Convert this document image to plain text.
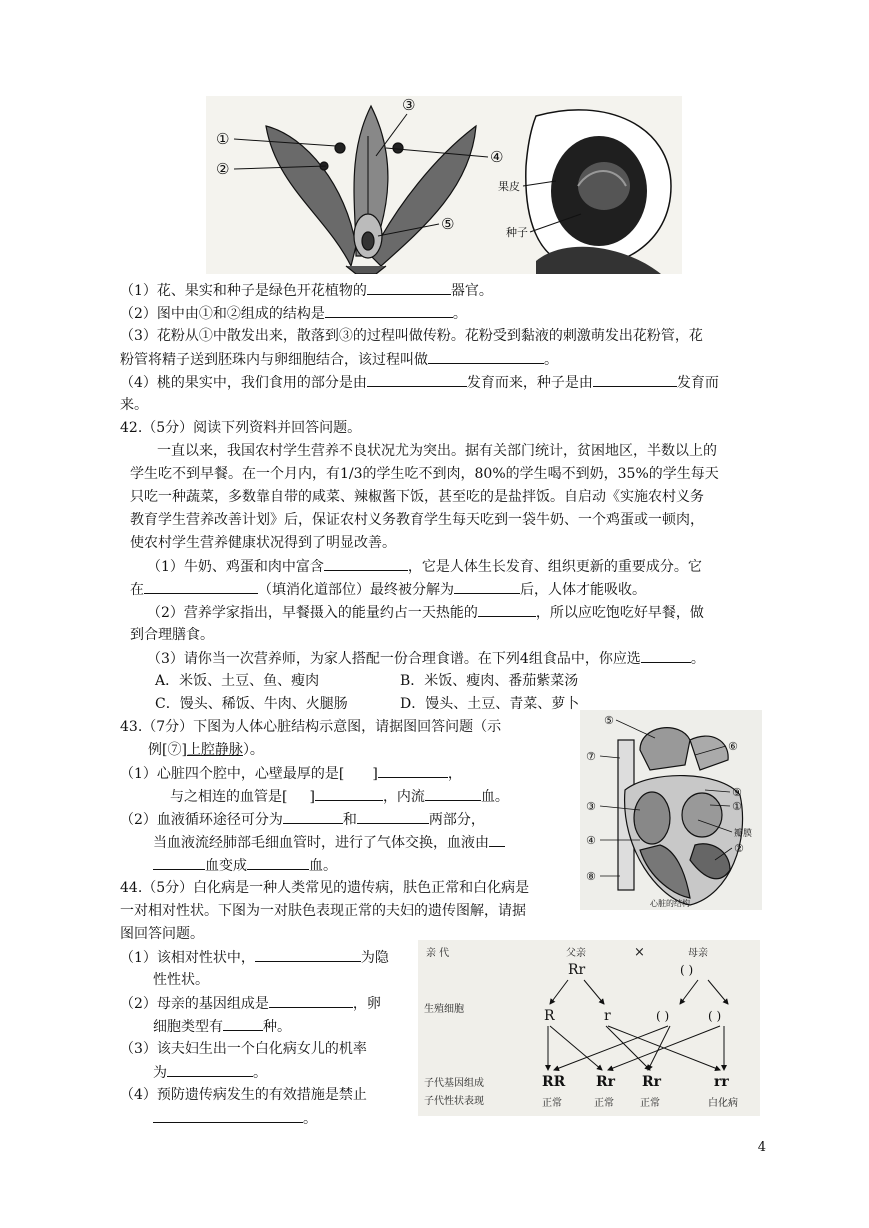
①
②
③
④
⑤
果皮
种子
（1）花、果实和种子是绿色开花植物的	器官。
（2）图中由①和②组成的结构是	。
（3）花粉从①中散发出来，散落到③的过程叫做传粉。花粉受到黏液的刺激萌发出花粉管，花
粉管将精子送到胚珠内与卵细胞结合，该过程叫做	。
（4）桃的果实中，我们食用的部分是由	发育而来，种子是由	发育而
来。
42.（5分）阅读下列资料并回答问题。
一直以来，我国农村学生营养不良状况尤为突出。据有关部门统计，贫困地区，半数以上的
学生吃不到早餐。在一个月内，有1/3的学生吃不到肉，80%的学生喝不到奶，35%的学生每天
只吃一种蔬菜，多数靠自带的咸菜、辣椒酱下饭，甚至吃的是盐拌饭。自启动《实施农村义务
教育学生营养改善计划》后，保证农村义务教育学生每天吃到一袋牛奶、一个鸡蛋或一顿肉，
使农村学生营养健康状况得到了明显改善。
（1）牛奶、鸡蛋和肉中富含	，它是人体生长发育、组织更新的重要成分。它
在	（填消化道部位）最终被分解为	后，人体才能吸收。
（2）营养学家指出，早餐摄入的能量约占一天热能的	，所以应吃饱吃好早餐，做
到合理膳食。
（3）请你当一次营养师，为家人搭配一份合理食谱。在下列4组食品中，你应选	。
A．米饭、土豆、鱼、瘦肉	B．米饭、瘦肉、番茄紫菜汤
C．馒头、稀饭、牛肉、火腿肠	D．馒头、土豆、青菜、萝卜
43.（7分）下图为人体心脏结构示意图，请据图回答问题（示
例[⑦]上腔静脉）。
（1）心脏四个腔中，心壁最厚的是[ ]	，
与之相连的血管是[ ]	，内流	血。
（2）血液循环途径可分为	和	两部分，
当血液流经肺部毛细血管时，进行了气体交换，血液由
血变成	血。
⑤
⑦
⑥
⑨
①
③
瓣膜
④
②
⑧
心脏的结构
44.（5分）白化病是一种人类常见的遗传病，肤色正常和白化病是
一对相对性状。下图为一对肤色表现正常的夫妇的遗传图解，请据
图回答问题。
（1）该相对性状中，	为隐
性性状。
（2）母亲的基因组成是	，卵
细胞类型有	种。
（3）该夫妇生出一个白化病女儿的机率
为	。
（4）预防遗传病发生的有效措施是禁止
。
亲 代
生殖细胞
子代基因组成
子代性状表现
父亲	×	母亲
Rr	( )
R	r	( )	( )
RR Rr Rr	rr
正常	正常	正常	白化病
4
